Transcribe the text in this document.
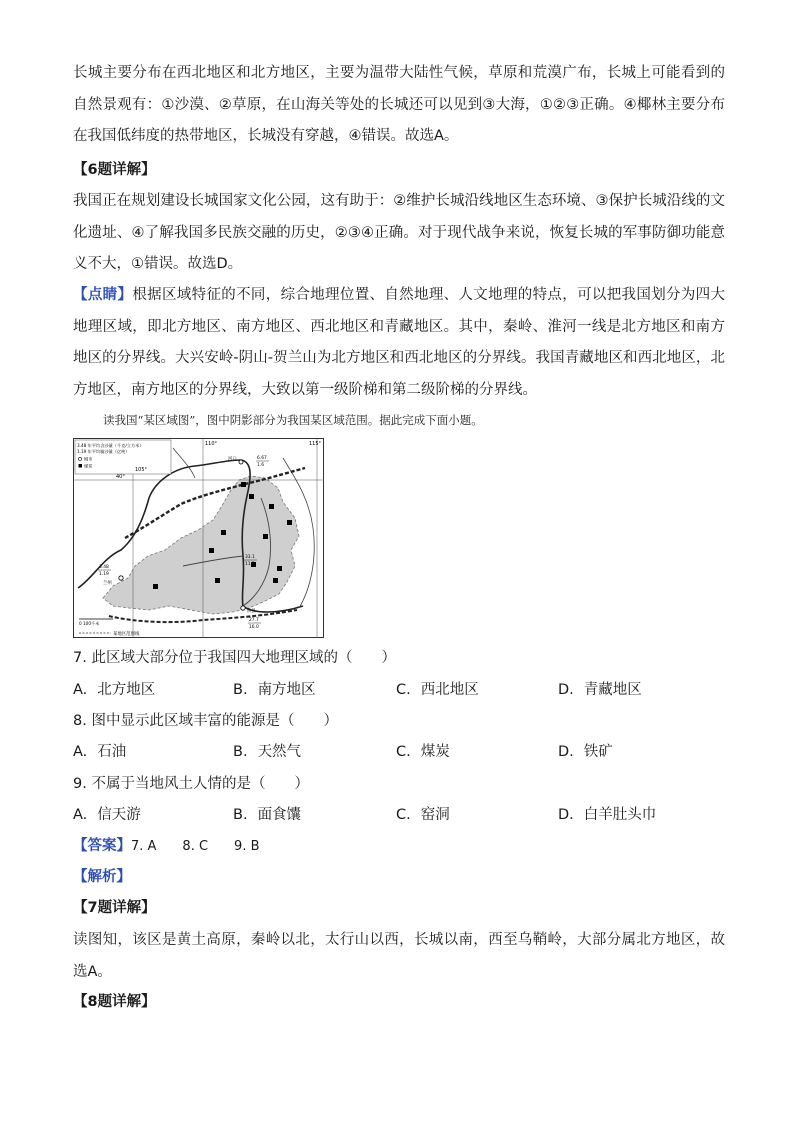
长城主要分布在西北地区和北方地区，主要为温带大陆性气候，草原和荒漠广布，长城上可能看到的自然景观有：①沙漠、②草原，在山海关等处的长城还可以见到③大海，①②③正确。④椰林主要分布在我国低纬度的热带地区，长城没有穿越，④错误。故选A。

【6题详解】

我国正在规划建设长城国家文化公园，这有助于：②维护长城沿线地区生态环境、③保护长城沿线的文化遗址、④了解我国多民族交融的历史，②③④正确。对于现代战争来说，恢复长城的军事防御功能意义不大，①错误。故选D。

【点睛】根据区域特征的不同，综合地理位置、自然地理、人文地理的特点，可以把我国划分为四大地理区域，即北方地区、南方地区、西北地区和青藏地区。其中，秦岭、淮河一线是北方地区和南方地区的分界线。大兴安岭-阴山-贺兰山为北方地区和西北地区的分界线。我国青藏地区和西北地区，北方地区，南方地区的分界线，大致以第一级阶梯和第二级阶梯的分界线。

读我国“某区域图”，图中阴影部分为我国某区域范围。据此完成下面小题。

3.48 年平均含沙量（千克/立方米）
1.19 年平均输沙量（亿吨）
城市
煤炭
110°	115°
105°
40°
河口	6.67
1.6
33.1
11.2
3.48
1.19
27.7
16.0
兰州
陕县
0 100千米
某地区范围线

7. 此区域大部分位于我国四大地理区域的（　　）

A. 北方地区	B. 南方地区	C. 西北地区	D. 青藏地区

8. 图中显示此区域丰富的能源是（　　）

A. 石油	B. 天然气	C. 煤炭	D. 铁矿

9. 不属于当地风土人情的是（　　）

A. 信天游	B. 面食馕	C. 窑洞	D. 白羊肚头巾

【答案】7. A　　8. C　　9. B

【解析】

【7题详解】

读图知，该区是黄土高原，秦岭以北，太行山以西，长城以南，西至乌鞘岭，大部分属北方地区，故选A。

【8题详解】
